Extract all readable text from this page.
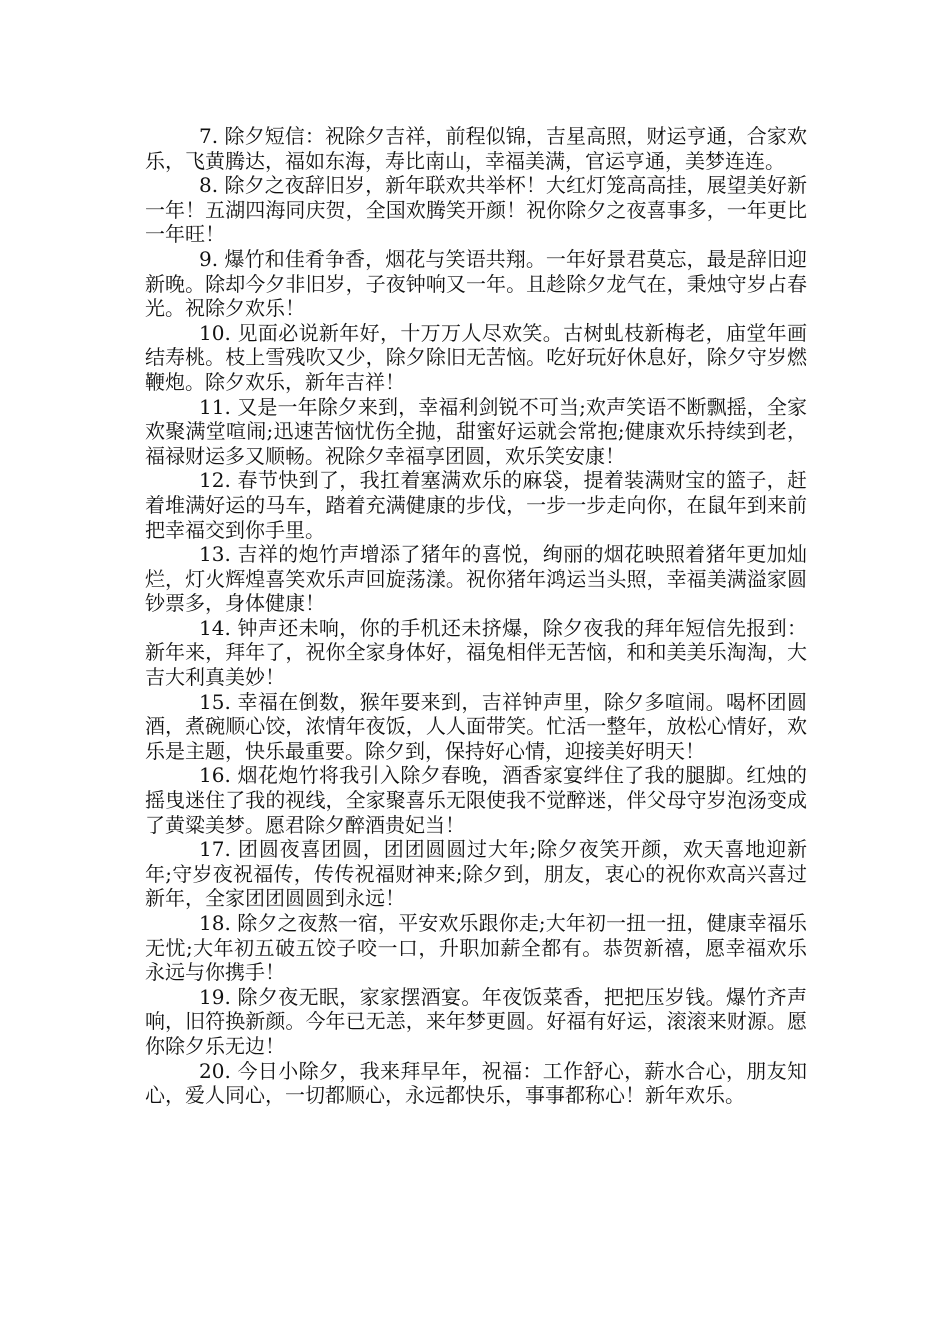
7. 除夕短信：祝除夕吉祥，前程似锦，吉星高照，财运亨通，合家欢乐，飞黄腾达，福如东海，寿比南山，幸福美满，官运亨通，美梦连连。

8. 除夕之夜辞旧岁，新年联欢共举杯！大红灯笼高高挂，展望美好新一年！五湖四海同庆贺，全国欢腾笑开颜！祝你除夕之夜喜事多，一年更比一年旺！

9. 爆竹和佳肴争香，烟花与笑语共翔。一年好景君莫忘，最是辞旧迎新晚。除却今夕非旧岁，子夜钟响又一年。且趁除夕龙气在，秉烛守岁占春光。祝除夕欢乐！

10. 见面必说新年好，十万万人尽欢笑。古树虬枝新梅老，庙堂年画结寿桃。枝上雪残吹又少，除夕除旧无苦恼。吃好玩好休息好，除夕守岁燃鞭炮。除夕欢乐，新年吉祥！

11. 又是一年除夕来到，幸福利剑锐不可当;欢声笑语不断飘摇，全家欢聚满堂喧闹;迅速苦恼忧伤全抛，甜蜜好运就会常抱;健康欢乐持续到老，福禄财运多又顺畅。祝除夕幸福享团圆，欢乐笑安康！

12. 春节快到了，我扛着塞满欢乐的麻袋，提着装满财宝的篮子，赶着堆满好运的马车，踏着充满健康的步伐，一步一步走向你，在鼠年到来前把幸福交到你手里。

13. 吉祥的炮竹声增添了猪年的喜悦，绚丽的烟花映照着猪年更加灿烂，灯火辉煌喜笑欢乐声回旋荡漾。祝你猪年鸿运当头照，幸福美满溢家圆钞票多，身体健康！

14. 钟声还未响，你的手机还未挤爆，除夕夜我的拜年短信先报到：新年来，拜年了，祝你全家身体好，福兔相伴无苦恼，和和美美乐淘淘，大吉大利真美妙！

15. 幸福在倒数，猴年要来到，吉祥钟声里，除夕多喧闹。喝杯团圆酒，煮碗顺心饺，浓情年夜饭，人人面带笑。忙活一整年，放松心情好，欢乐是主题，快乐最重要。除夕到，保持好心情，迎接美好明天！

16. 烟花炮竹将我引入除夕春晚，酒香家宴绊住了我的腿脚。红烛的摇曳迷住了我的视线，全家聚喜乐无限使我不觉醉迷，伴父母守岁泡汤变成了黄粱美梦。愿君除夕醉酒贵妃当！

17. 团圆夜喜团圆，团团圆圆过大年;除夕夜笑开颜，欢天喜地迎新年;守岁夜祝福传，传传祝福财神来;除夕到，朋友，衷心的祝你欢高兴喜过新年，全家团团圆圆到永远！

18. 除夕之夜熬一宿，平安欢乐跟你走;大年初一扭一扭，健康幸福乐无忧;大年初五破五饺子咬一口，升职加薪全都有。恭贺新禧，愿幸福欢乐永远与你携手！

19. 除夕夜无眠，家家摆酒宴。年夜饭菜香，把把压岁钱。爆竹齐声响，旧符换新颜。今年已无恙，来年梦更圆。好福有好运，滚滚来财源。愿你除夕乐无边！

20. 今日小除夕，我来拜早年，祝福：工作舒心，薪水合心，朋友知心，爱人同心，一切都顺心，永远都快乐，事事都称心！新年欢乐。
